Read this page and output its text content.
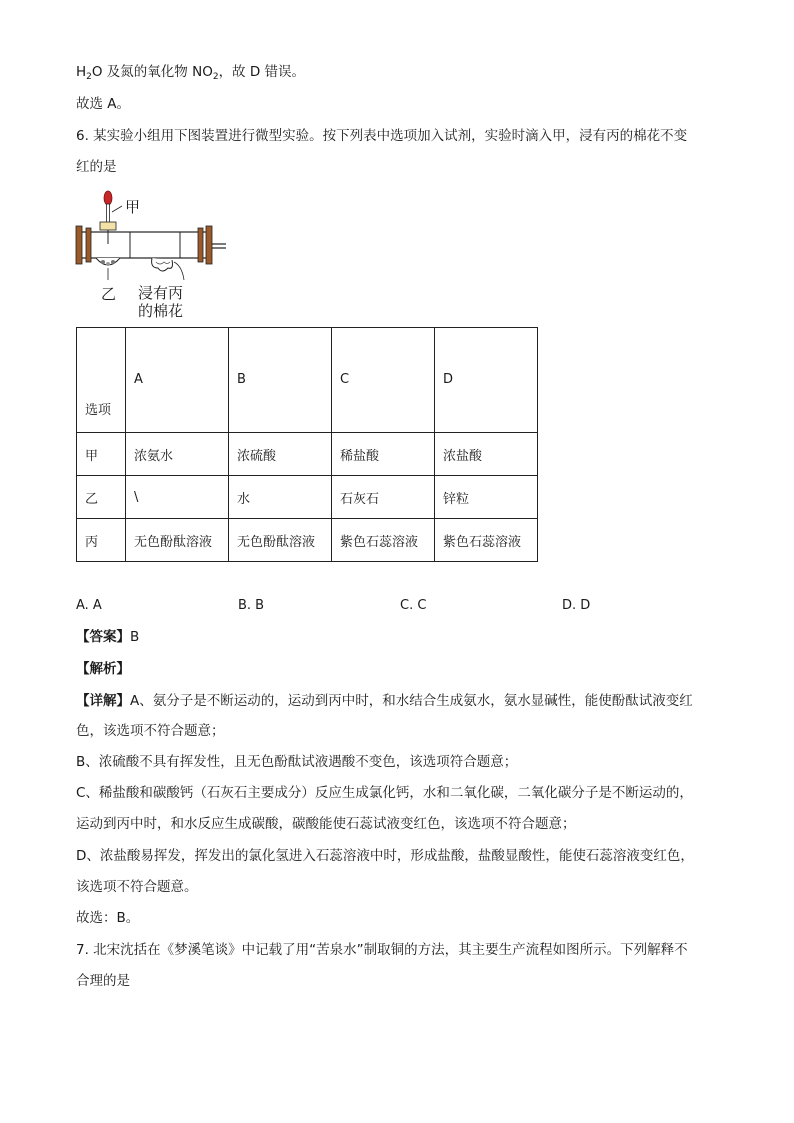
$H_2O$ 及氮的氧化物 $NO_2$，故 D 错误。
故选 A。
6. 某实验小组用下图装置进行微型实验。按下列表中选项加入试剂，实验时滴入甲，浸有丙的棉花不变
红的是
甲
乙 浸有丙
的棉花
选项	A	B	C	D
甲	浓氨水	浓硫酸	稀盐酸	浓盐酸
乙	\	水	石灰石	锌粒
丙	无色酚酞溶液	无色酚酞溶液	紫色石蕊溶液	紫色石蕊溶液
A. A	B. B	C. C	D. D
【答案】B
【解析】
【详解】A、氨分子是不断运动的，运动到丙中时，和水结合生成氨水，氨水显碱性，能使酚酞试液变红
色，该选项不符合题意；
B、浓硫酸不具有挥发性，且无色酚酞试液遇酸不变色，该选项符合题意；
C、稀盐酸和碳酸钙（石灰石主要成分）反应生成氯化钙，水和二氧化碳，二氧化碳分子是不断运动的，
运动到丙中时，和水反应生成碳酸，碳酸能使石蕊试液变红色，该选项不符合题意；
D、浓盐酸易挥发，挥发出的氯化氢进入石蕊溶液中时，形成盐酸，盐酸显酸性，能使石蕊溶液变红色，
该选项不符合题意。
故选：B。
7. 北宋沈括在《梦溪笔谈》中记载了用“苦泉水”制取铜的方法，其主要生产流程如图所示。下列解释不
合理的是
